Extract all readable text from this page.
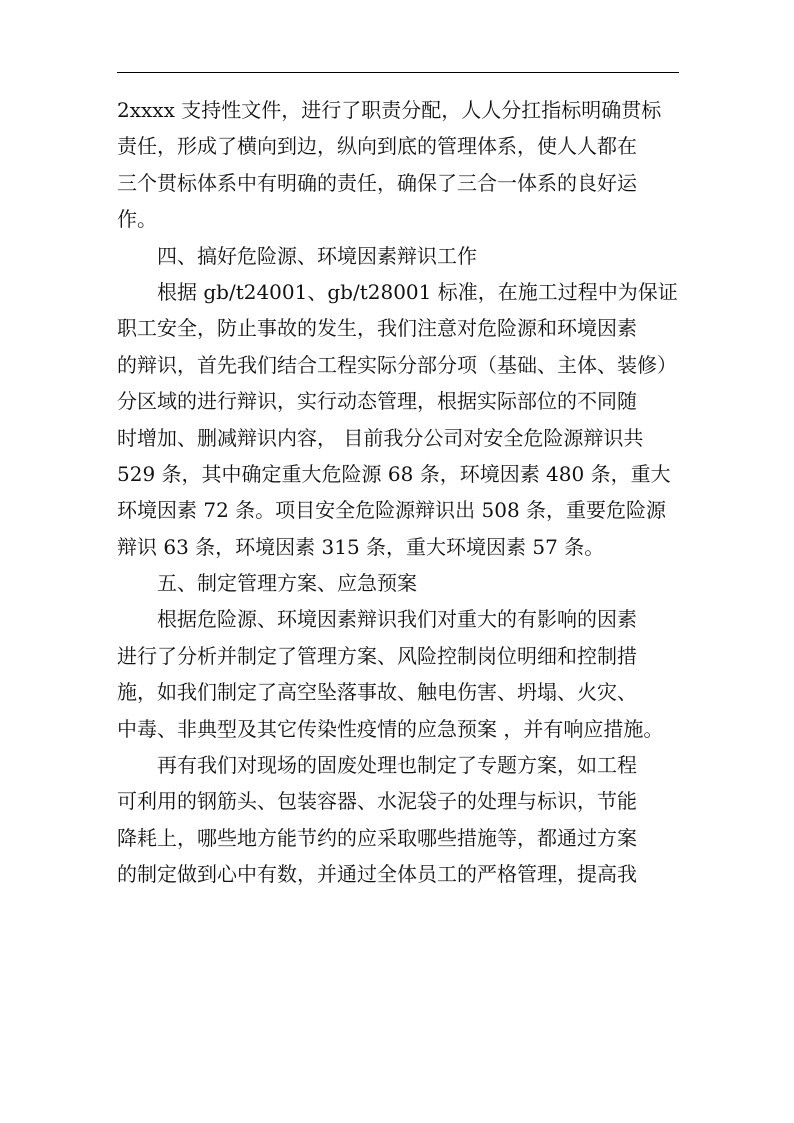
2xxxx 支持性文件，进行了职责分配，人人分扛指标明确贯标
责任，形成了横向到边，纵向到底的管理体系，使人人都在
三个贯标体系中有明确的责任，确保了三合一体系的良好运
作。
四、搞好危险源、环境因素辩识工作
根据 gb/t24001、gb/t28001 标准，在施工过程中为保证
职工安全，防止事故的发生，我们注意对危险源和环境因素
的辩识，首先我们结合工程实际分部分项（基础、主体、装修）
分区域的进行辩识，实行动态管理，根据实际部位的不同随
时增加、删减辩识内容， 目前我分公司对安全危险源辩识共
529 条，其中确定重大危险源 68 条，环境因素 480 条，重大
环境因素 72 条。项目安全危险源辩识出 508 条，重要危险源
辩识 63 条，环境因素 315 条，重大环境因素 57 条。
五、制定管理方案、应急预案
根据危险源、环境因素辩识我们对重大的有影响的因素
进行了分析并制定了管理方案、风险控制岗位明细和控制措
施，如我们制定了高空坠落事故、触电伤害、坍塌、火灾、
中毒、非典型及其它传染性疫情的应急预案 ，并有响应措施。
再有我们对现场的固废处理也制定了专题方案，如工程
可利用的钢筋头、包装容器、水泥袋子的处理与标识，节能
降耗上，哪些地方能节约的应采取哪些措施等，都通过方案
的制定做到心中有数，并通过全体员工的严格管理，提高我
